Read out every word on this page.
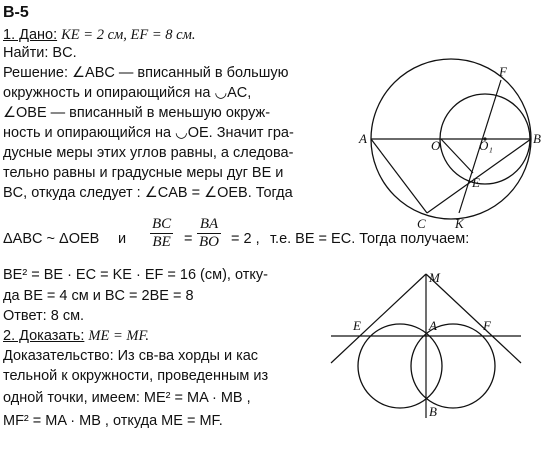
В-5
1. Дано: KE = 2 см, EF = 8 см.
Найти: BC.
Решение: ∠ABC — вписанный в большую
окружность и опирающийся на ◡AC,
∠OBE — вписанный в меньшую окруж-
ность и опирающийся на ◡OE. Значит гра-
дусные меры этих углов равны, а следова-
тельно равны и градусные меры дуг BE и
BC, откуда следует : ∠CAB = ∠OEB. Тогда
ΔABC ~ ΔOEB и $\frac{BC}{BE} = \frac{BA}{BO} = 2$ , т.е. BE = EC. Тогда получаем:
BE² = BE · EC = KE · EF = 16 (см), отку-
да BE = 4 см и BC = 2BE = 8
Ответ: 8 см.
2. Доказать: ME = MF.
Доказательство: Из св-ва хорды и кас
тельной к окружности, проведенным из
одной точки, имеем: ME² = MA · MB ,
MF² = MA · MB , откуда ME = MF.
A	B
C
E
F
K
O	O₁
M
E	F
A
B
